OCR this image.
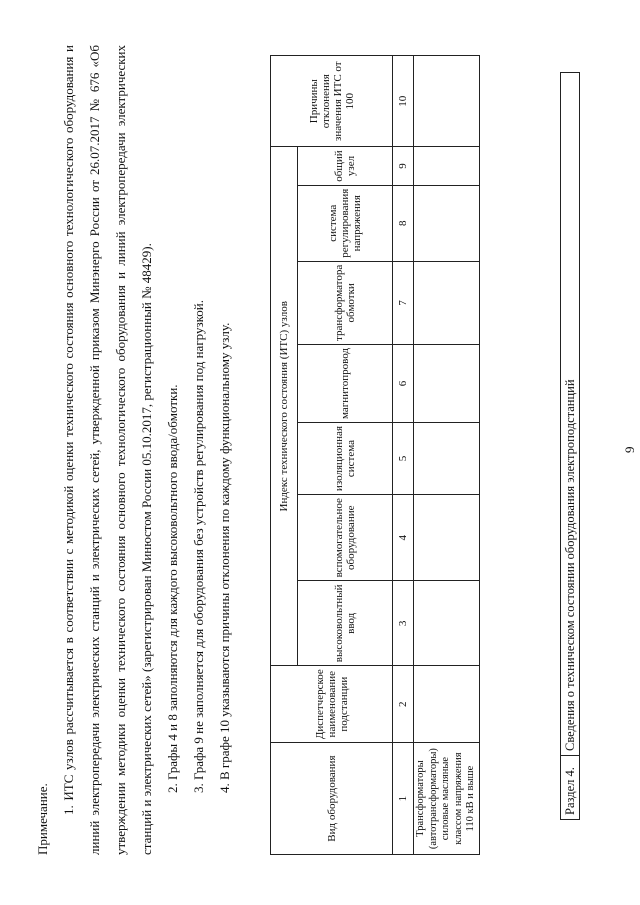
9
Раздел 4.
Сведения о техническом состоянии оборудования электроподстанций
Вид оборудования	Диспетчерское наименование подстанции	Индекс технического состояния (ИТС) узлов							Причины отклонения значения ИТС от 100
		высоковольтный ввод	вспомогательное оборудование	изоляционная система	магнитопровод	трансформатора обмотки	система регулирования напряжения	общий узел	
1	2	3	4	5	6	7	8	9	10
Трансформаторы (автотрансформаторы) силовые масляные классом напряжения 110 кВ и выше									

Примечание.

1. ИТС узлов рассчитывается в соответствии с методикой оценки технического состояния основного технологического оборудования и линий электропередачи электрических станций и электрических сетей, утвержденной приказом Минэнерго России от 26.07.2017 № 676 «Об утверждении методики оценки технического состояния основного технологического оборудования и линий электропередачи электрических станций и электрических сетей» (зарегистрирован Минюстом России 05.10.2017, регистрационный № 48429). 2. Графы 4 и 8 заполняются для каждого высоковольтного ввода/обмотки. 3. Графа 9 не заполняется для оборудования без устройств регулирования под нагрузкой. 4. В графе 10 указываются причины отклонения по каждому функциональному узлу.
